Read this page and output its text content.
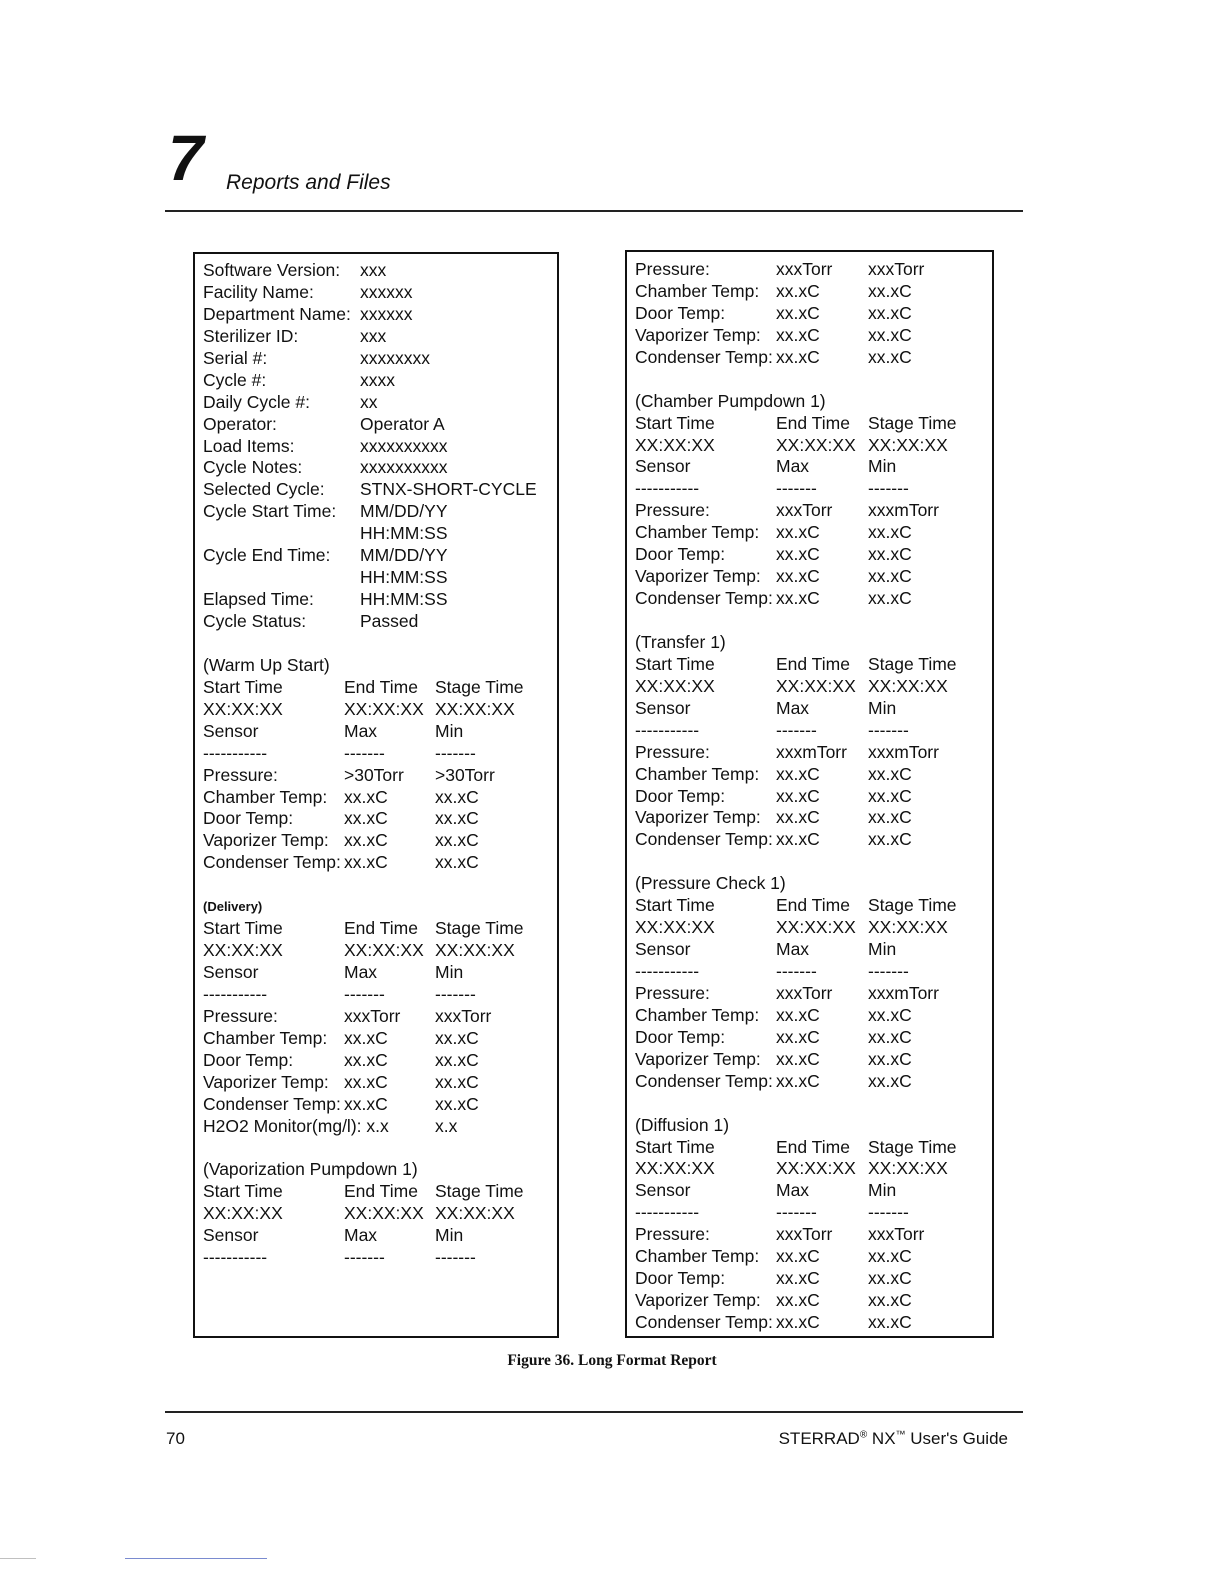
7 Reports and Files
Software Version: xxx
Facility Name:	xxxxxx
Department Name: xxxxxx
Sterilizer ID:	xxx
Serial #:	xxxxxxxx
Cycle #:	xxxx
Daily Cycle #:	xx
Operator:	Operator A
Load Items:	xxxxxxxxxx
Cycle Notes:	xxxxxxxxxx
Selected Cycle: STNX-SHORT-CYCLE
Cycle Start Time: MM/DD/YY
HH:MM:SS
Cycle End Time: MM/DD/YY
HH:MM:SS
Elapsed Time:	HH:MM:SS
Cycle Status:	Passed
(Warm Up Start)
Start Time	End Time Stage Time
XX:XX:XX	XX:XX:XX XX:XX:XX
Sensor	Max	Min
-----------	-------	-------
Pressure:	>30Torr >30Torr
Chamber Temp: xx.xC	xx.xC
Door Temp:	xx.xC	xx.xC
Vaporizer Temp: xx.xC	xx.xC
Condenser Temp: xx.xC	xx.xC
(Delivery)
Start Time	End Time Stage Time
XX:XX:XX	XX:XX:XX XX:XX:XX
Sensor	Max	Min
-----------	-------	-------
Pressure:	xxxTorr xxxTorr
Chamber Temp: xx.xC	xx.xC
Door Temp:	xx.xC	xx.xC
Vaporizer Temp: xx.xC	xx.xC
Condenser Temp: xx.xC	xx.xC
H2O2 Monitor(mg/l): x.x	x.x
(Vaporization Pumpdown 1)
Start Time	End Time Stage Time
XX:XX:XX	XX:XX:XX XX:XX:XX
Sensor	Max	Min
-----------	-------	-------
Pressure:	xxxTorr xxxTorr
Chamber Temp: xx.xC	xx.xC
Door Temp:	xx.xC	xx.xC
Vaporizer Temp: xx.xC	xx.xC
Condenser Temp: xx.xC	xx.xC
(Chamber Pumpdown 1)
Start Time	End Time Stage Time
XX:XX:XX	XX:XX:XX XX:XX:XX
Sensor	Max	Min
-----------	-------	-------
Pressure:	xxxTorr xxxmTorr
Chamber Temp: xx.xC	xx.xC
Door Temp:	xx.xC	xx.xC
Vaporizer Temp: xx.xC	xx.xC
Condenser Temp: xx.xC	xx.xC
(Transfer 1)
Start Time	End Time Stage Time
XX:XX:XX	XX:XX:XX XX:XX:XX
Sensor	Max	Min
-----------	-------	-------
Pressure:	xxxmTorr xxxmTorr
Chamber Temp: xx.xC	xx.xC
Door Temp:	xx.xC	xx.xC
Vaporizer Temp: xx.xC	xx.xC
Condenser Temp: xx.xC	xx.xC
(Pressure Check 1)
Start Time	End Time Stage Time
XX:XX:XX	XX:XX:XX XX:XX:XX
Sensor	Max	Min
-----------	-------	-------
Pressure:	xxxTorr xxxmTorr
Chamber Temp: xx.xC	xx.xC
Door Temp:	xx.xC	xx.xC
Vaporizer Temp: xx.xC	xx.xC
Condenser Temp: xx.xC	xx.xC
(Diffusion 1)
Start Time	End Time Stage Time
XX:XX:XX	XX:XX:XX XX:XX:XX
Sensor	Max	Min
-----------	-------	-------
Pressure:	xxxTorr xxxTorr
Chamber Temp: xx.xC	xx.xC
Door Temp:	xx.xC	xx.xC
Vaporizer Temp: xx.xC	xx.xC
Condenser Temp: xx.xC	xx.xC
Figure 36. Long Format Report
70	STERRAD® NX™ User's Guide
